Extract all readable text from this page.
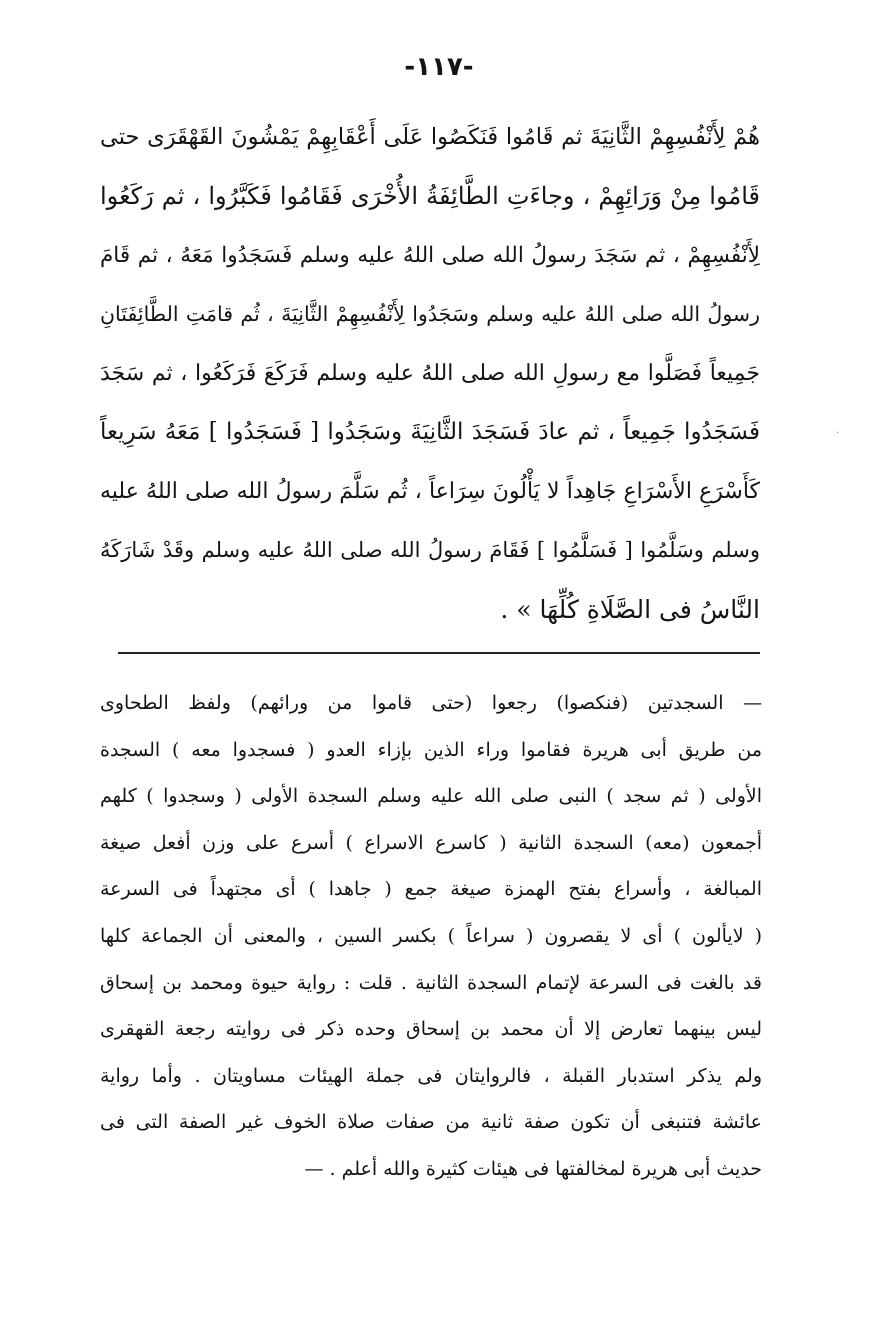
-١١٧-

هُمْ لِأَنْفُسِهِمْ الثَّانِيَةَ ثم قَامُوا فَنَكَصُوا عَلَى أَعْقَابِهِمْ يَمْشُونَ القَهْقَرَى حتى

قَامُوا مِنْ وَرَائِهِمْ ، وجاءَتِ الطَّائِفَةُ الأُخْرَى فَقَامُوا فَكَبَّرُوا ، ثم رَكَعُوا

لِأَنْفُسِهِمْ ، ثم سَجَدَ رسولُ الله صلى اللهُ عليه وسلم فَسَجَدُوا مَعَهُ ، ثم قَامَ

رسولُ الله صلى اللهُ عليه وسلم وسَجَدُوا لِأَنْفُسِهِمْ الثَّانِيَةَ ، ثُم قامَتِ الطَّائِفَتَانِ

جَمِيعاً فَصَلَّوا مع رسولِ الله صلى اللهُ عليه وسلم فَرَكَعَ فَرَكَعُوا ، ثم سَجَدَ

فَسَجَدُوا جَمِيعاً ، ثم عادَ فَسَجَدَ الثَّانِيَةَ وسَجَدُوا [ فَسَجَدُوا ] مَعَهُ سَرِيعاً

كَأَسْرَعِ الأَسْرَاعِ جَاهِداً لا يَأْلُونَ سِرَاعاً ، ثُم سَلَّمَ رسولُ الله صلى اللهُ عليه

وسلم وسَلَّمُوا [ فَسَلَّمُوا ] فَقَامَ رسولُ الله صلى اللهُ عليه وسلم وقَدْ شَارَكَهُ

النَّاسُ فى الصَّلَاةِ كُلِّهَا » .

— السجدتين (فنكصوا) رجعوا (حتى قاموا من ورائهم) ولفظ الطحاوى

من طريق أبى هريرة فقاموا وراء الذين بإزاء العدو ( فسجدوا معه ) السجدة

الأولى ( ثم سجد ) النبى صلى الله عليه وسلم السجدة الأولى ( وسجدوا ) كلهم

أجمعون (معه) السجدة الثانية ( كاسرع الاسراع ) أسرع على وزن أفعل صيغة

المبالغة ، وأسراع بفتح الهمزة صيغة جمع ( جاهدا ) أى مجتهداً فى السرعة

( لايألون ) أى لا يقصرون ( سراعاً ) بكسر السين ، والمعنى أن الجماعة كلها

قد بالغت فى السرعة لإتمام السجدة الثانية . قلت : رواية حيوة ومحمد بن إسحاق

ليس بينهما تعارض إلا أن محمد بن إسحاق وحده ذكر فى روايته رجعة القهقرى

ولم يذكر استدبار القبلة ، فالروايتان فى جملة الهيئات مساويتان . وأما رواية

عائشة فتنبغى أن تكون صفة ثانية من صفات صلاة الخوف غير الصفة التى فى

حديث أبى هريرة لمخالفتها فى هيئات كثيرة والله أعلم . —

·
